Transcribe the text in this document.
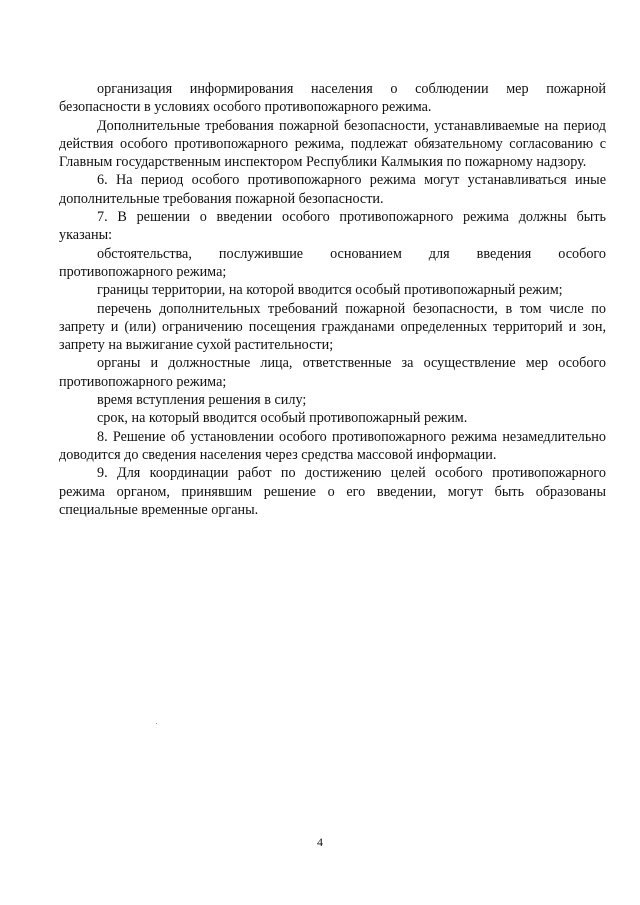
организация информирования населения о соблюдении мер пожарной безопасности в условиях особого противопожарного режима.

Дополнительные требования пожарной безопасности, устанавливаемые на период действия особого противопожарного режима, подлежат обязательному согласованию с Главным государственным инспектором Республики Калмыкия по пожарному надзору.

6. На период особого противопожарного режима могут устанавливаться иные дополнительные требования пожарной безопасности.

7. В решении о введении особого противопожарного режима должны быть указаны:

обстоятельства, послужившие основанием для введения особого противопожарного режима;

границы территории, на которой вводится особый противопожарный режим;

перечень дополнительных требований пожарной безопасности, в том числе по запрету и (или) ограничению посещения гражданами определенных территорий и зон, запрету на выжигание сухой растительности;

органы и должностные лица, ответственные за осуществление мер особого противопожарного режима;

время вступления решения в силу;

срок, на который вводится особый противопожарный режим.

8. Решение об установлении особого противопожарного режима незамедлительно доводится до сведения населения через средства массовой информации.

9. Для координации работ по достижению целей особого противопожарного режима органом, принявшим решение о его введении, могут быть образованы специальные временные органы.

4
